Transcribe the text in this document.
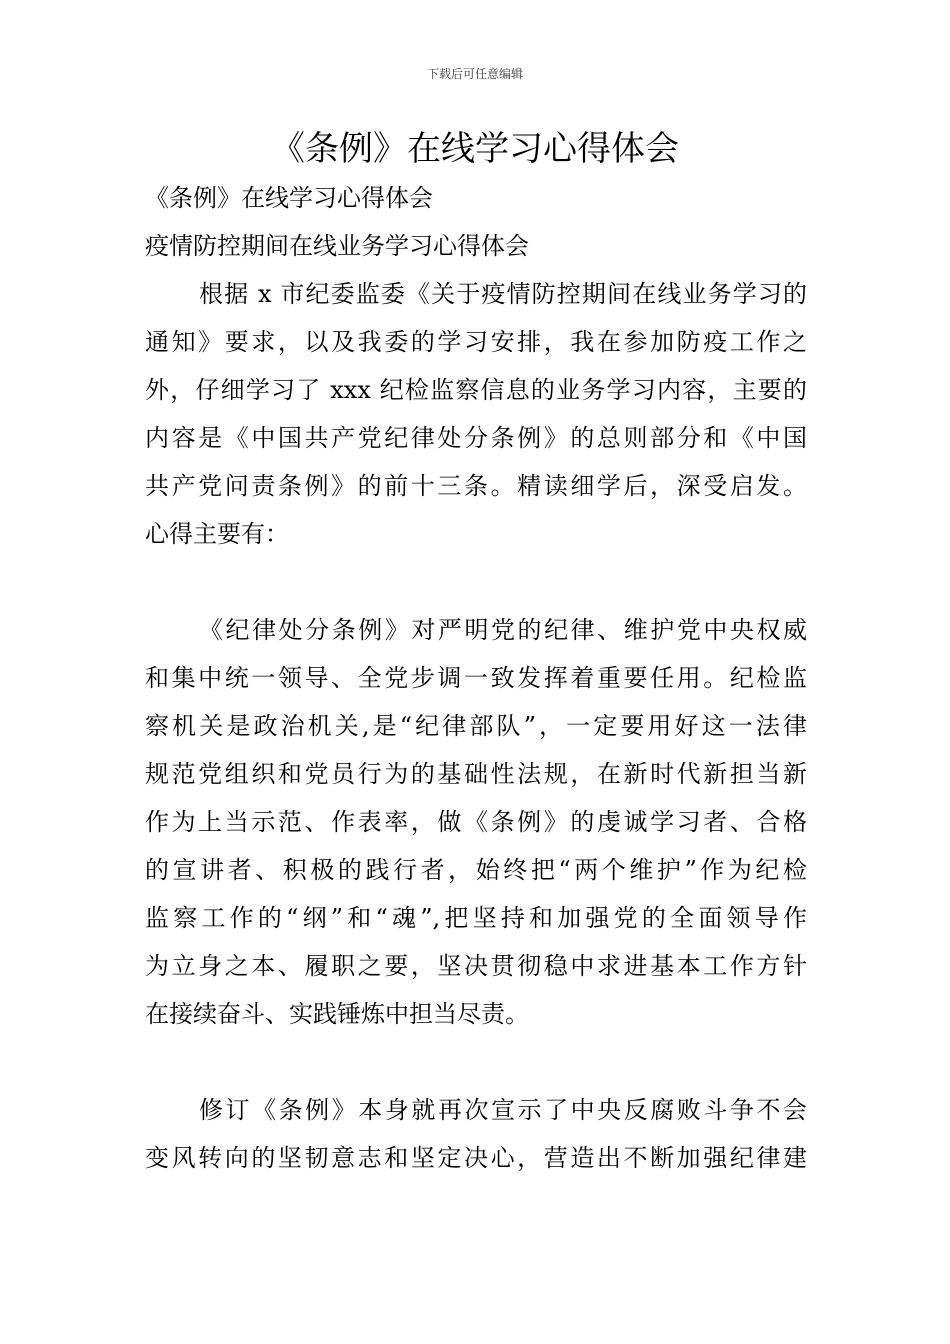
下载后可任意编辑
《条例》在线学习心得体会

《条例》在线学习心得体会

疫情防控期间在线业务学习心得体会

根据 x 市纪委监委《关于疫情防控期间在线业务学习的

通知》要求，以及我委的学习安排，我在参加防疫工作之

外，仔细学习了 xxx 纪检监察信息的业务学习内容，主要的

内容是《中国共产党纪律处分条例》的总则部分和《中国

共产党问责条例》的前十三条。精读细学后，深受启发。

心得主要有：

《纪律处分条例》对严明党的纪律、维护党中央权威

和集中统一领导、全党步调一致发挥着重要任用。纪检监

察机关是政治机关,是“纪律部队”，一定要用好这一法律

规范党组织和党员行为的基础性法规，在新时代新担当新

作为上当示范、作表率，做《条例》的虔诚学习者、合格

的宣讲者、积极的践行者，始终把“两个维护”作为纪检

监察工作的“纲”和“魂”,把坚持和加强党的全面领导作

为立身之本、履职之要，坚决贯彻稳中求进基本工作方针

在接续奋斗、实践锤炼中担当尽责。

修订《条例》本身就再次宣示了中央反腐败斗争不会

变风转向的坚韧意志和坚定决心，营造出不断加强纪律建
